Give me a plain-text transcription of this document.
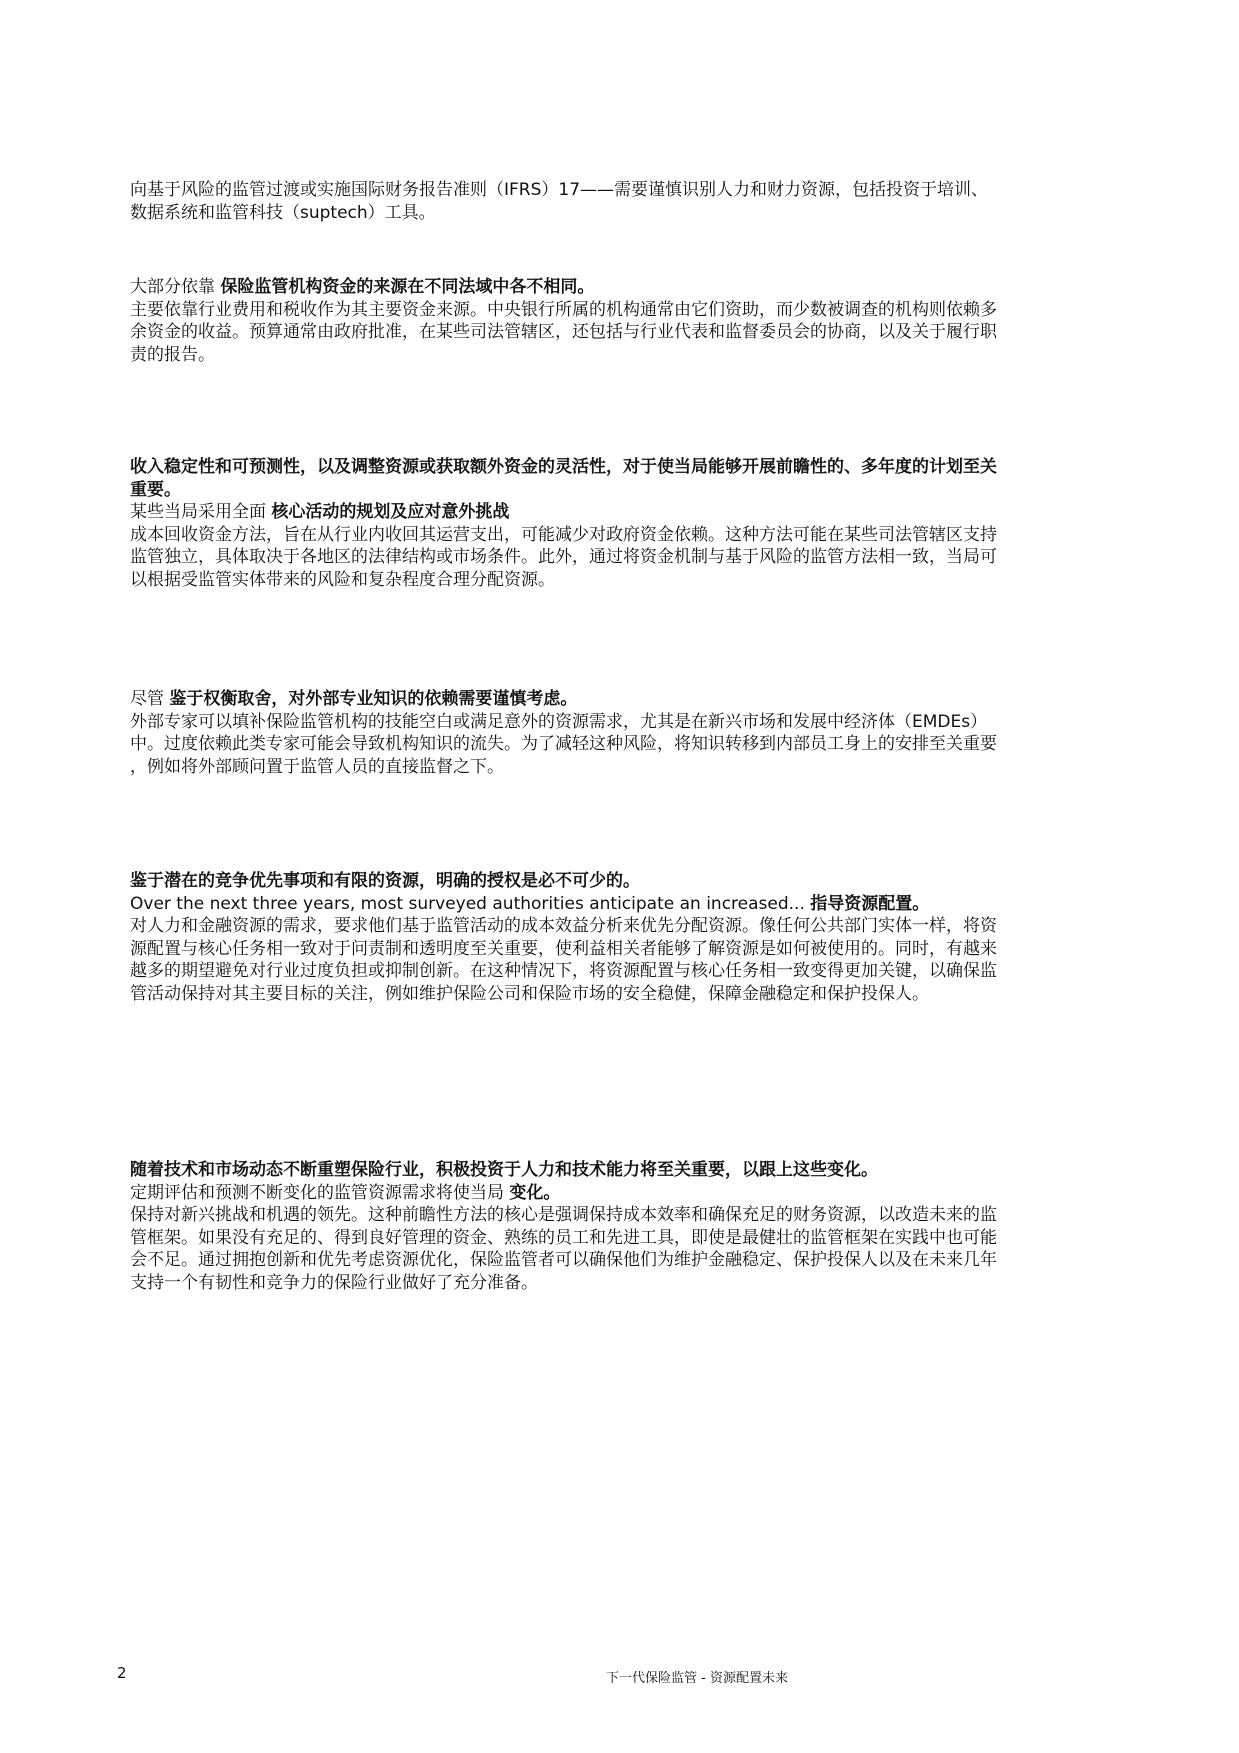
向基于风险的监管过渡或实施国际财务报告准则（IFRS）17——需要谨慎识别人力和财力资源，包括投资于培训、
数据系统和监管科技（suptech）工具。
大部分依靠 保险监管机构资金的来源在不同法域中各不相同。
主要依靠行业费用和税收作为其主要资金来源。中央银行所属的机构通常由它们资助，而少数被调查的机构则依赖多
余资金的收益。预算通常由政府批准，在某些司法管辖区，还包括与行业代表和监督委员会的协商，以及关于履行职
责的报告。
收入稳定性和可预测性，以及调整资源或获取额外资金的灵活性，对于使当局能够开展前瞻性的、多年度的计划至关
重要。
某些当局采用全面 核心活动的规划及应对意外挑战
成本回收资金方法，旨在从行业内收回其运营支出，可能减少对政府资金依赖。这种方法可能在某些司法管辖区支持
监管独立，具体取决于各地区的法律结构或市场条件。此外，通过将资金机制与基于风险的监管方法相一致，当局可
以根据受监管实体带来的风险和复杂程度合理分配资源。
尽管 鉴于权衡取舍，对外部专业知识的依赖需要谨慎考虑。
外部专家可以填补保险监管机构的技能空白或满足意外的资源需求，尤其是在新兴市场和发展中经济体（EMDEs）
中。过度依赖此类专家可能会导致机构知识的流失。为了减轻这种风险，将知识转移到内部员工身上的安排至关重要
，例如将外部顾问置于监管人员的直接监督之下。
鉴于潜在的竞争优先事项和有限的资源，明确的授权是必不可少的。
Over the next three years, most surveyed authorities anticipate an increased... 指导资源配置。
对人力和金融资源的需求，要求他们基于监管活动的成本效益分析来优先分配资源。像任何公共部门实体一样，将资
源配置与核心任务相一致对于问责制和透明度至关重要，使利益相关者能够了解资源是如何被使用的。同时，有越来
越多的期望避免对行业过度负担或抑制创新。在这种情况下，将资源配置与核心任务相一致变得更加关键，以确保监
管活动保持对其主要目标的关注，例如维护保险公司和保险市场的安全稳健，保障金融稳定和保护投保人。
随着技术和市场动态不断重塑保险行业，积极投资于人力和技术能力将至关重要，以跟上这些变化。
定期评估和预测不断变化的监管资源需求将使当局 变化。
保持对新兴挑战和机遇的领先。这种前瞻性方法的核心是强调保持成本效率和确保充足的财务资源，以改造未来的监
管框架。如果没有充足的、得到良好管理的资金、熟练的员工和先进工具，即使是最健壮的监管框架在实践中也可能
会不足。通过拥抱创新和优先考虑资源优化，保险监管者可以确保他们为维护金融稳定、保护投保人以及在未来几年
支持一个有韧性和竞争力的保险行业做好了充分准备。
2	下一代保险监管 - 资源配置未来
